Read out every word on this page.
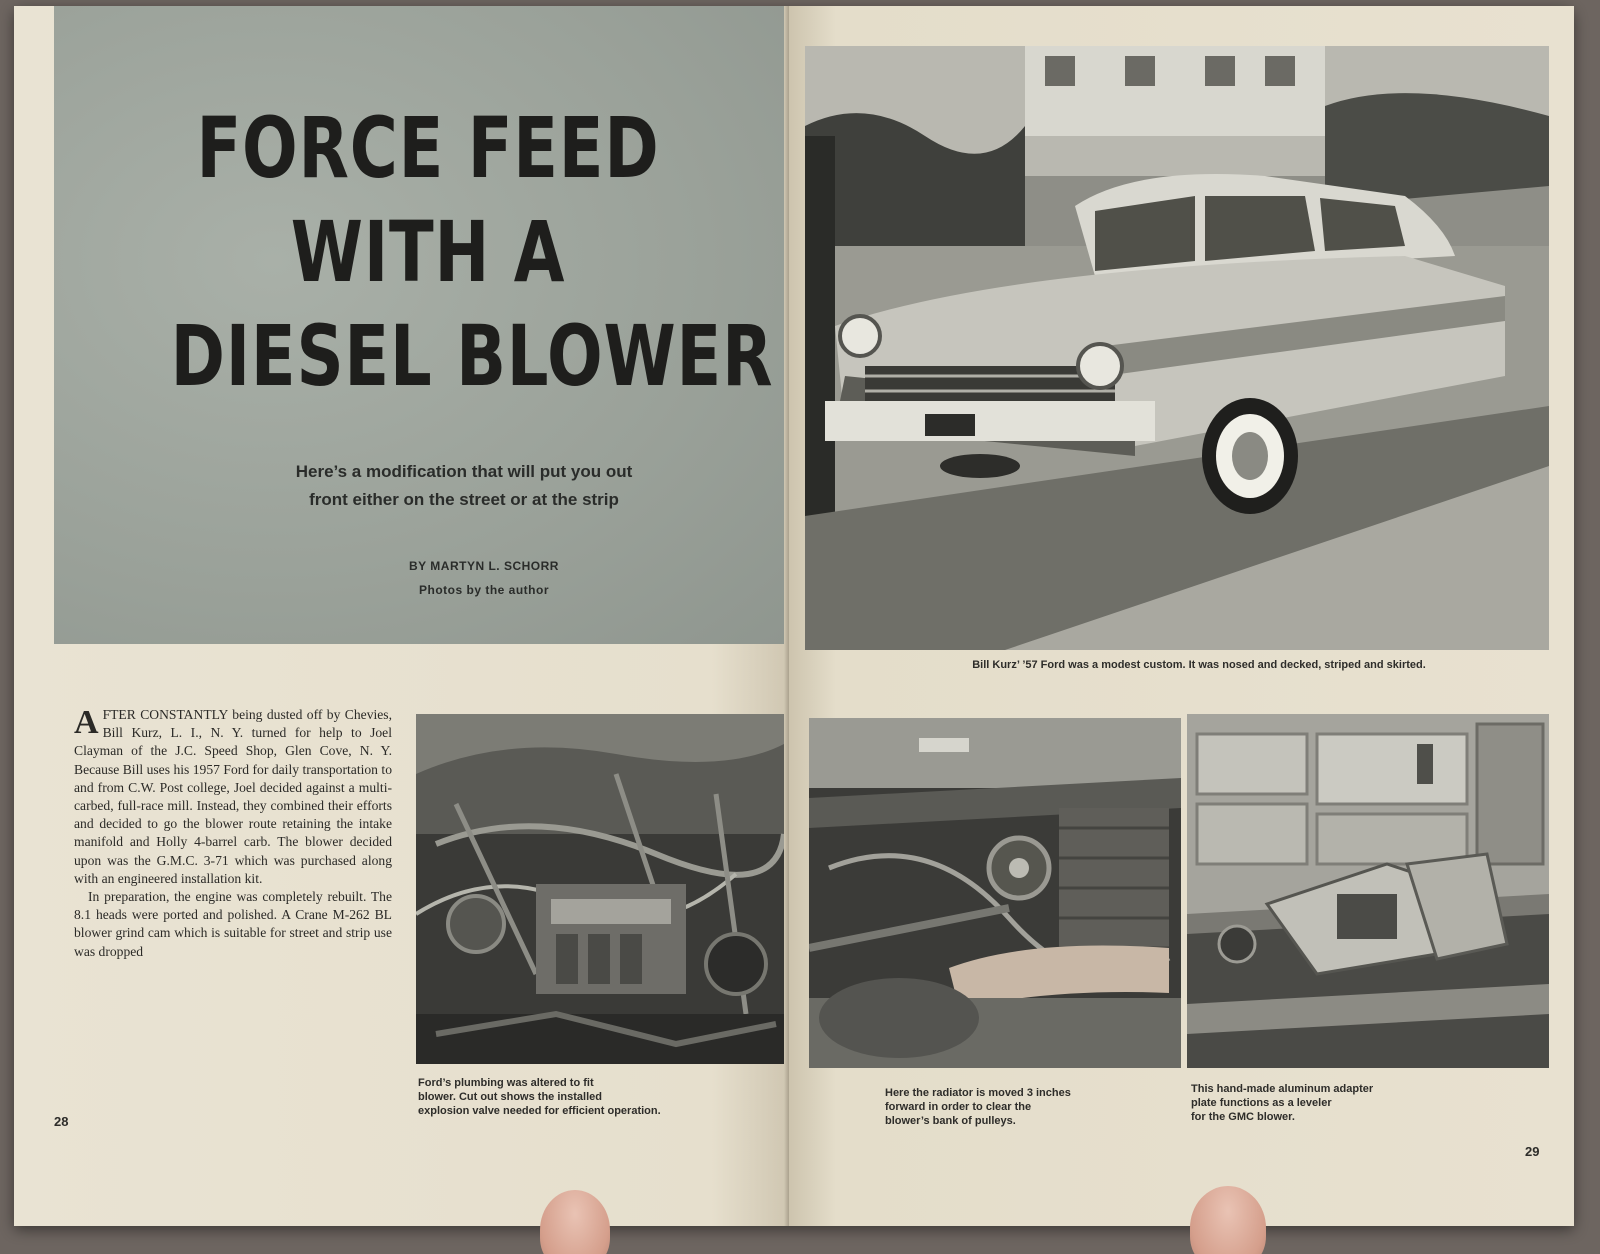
FORCE FEED
WITH A
DIESEL BLOWER
Here’s a modification that will put you out
front either on the street or at the strip
BY MARTYN L. SCHORR
Photos by the author

AFTER CONSTANTLY being dusted off by Chevies, Bill Kurz, L. I., N. Y. turned for help to Joel Clayman of the J.C. Speed Shop, Glen Cove, N. Y. Because Bill uses his 1957 Ford for daily transportation to and from C.W. Post college, Joel decided against a multi-carbed, full-race mill. Instead, they combined their efforts and decided to go the blower route retaining the intake manifold and Holly 4-barrel carb. The blower decided upon was the G.M.C. 3-71 which was purchased along with an engineered installation kit.

In preparation, the engine was completely rebuilt. The 8.1 heads were ported and polished. A Crane M-262 BL blower grind cam which is suitable for street and strip use was dropped

Ford’s plumbing was altered to fit
blower. Cut out shows the installed
explosion valve needed for efficient operation.
28
Bill Kurz’ ’57 Ford was a modest custom. It was nosed and decked, striped and skirted.
Here the radiator is moved 3 inches
forward in order to clear the
blower’s bank of pulleys.
This hand-made aluminum adapter
plate functions as a leveler
for the GMC blower.
29
